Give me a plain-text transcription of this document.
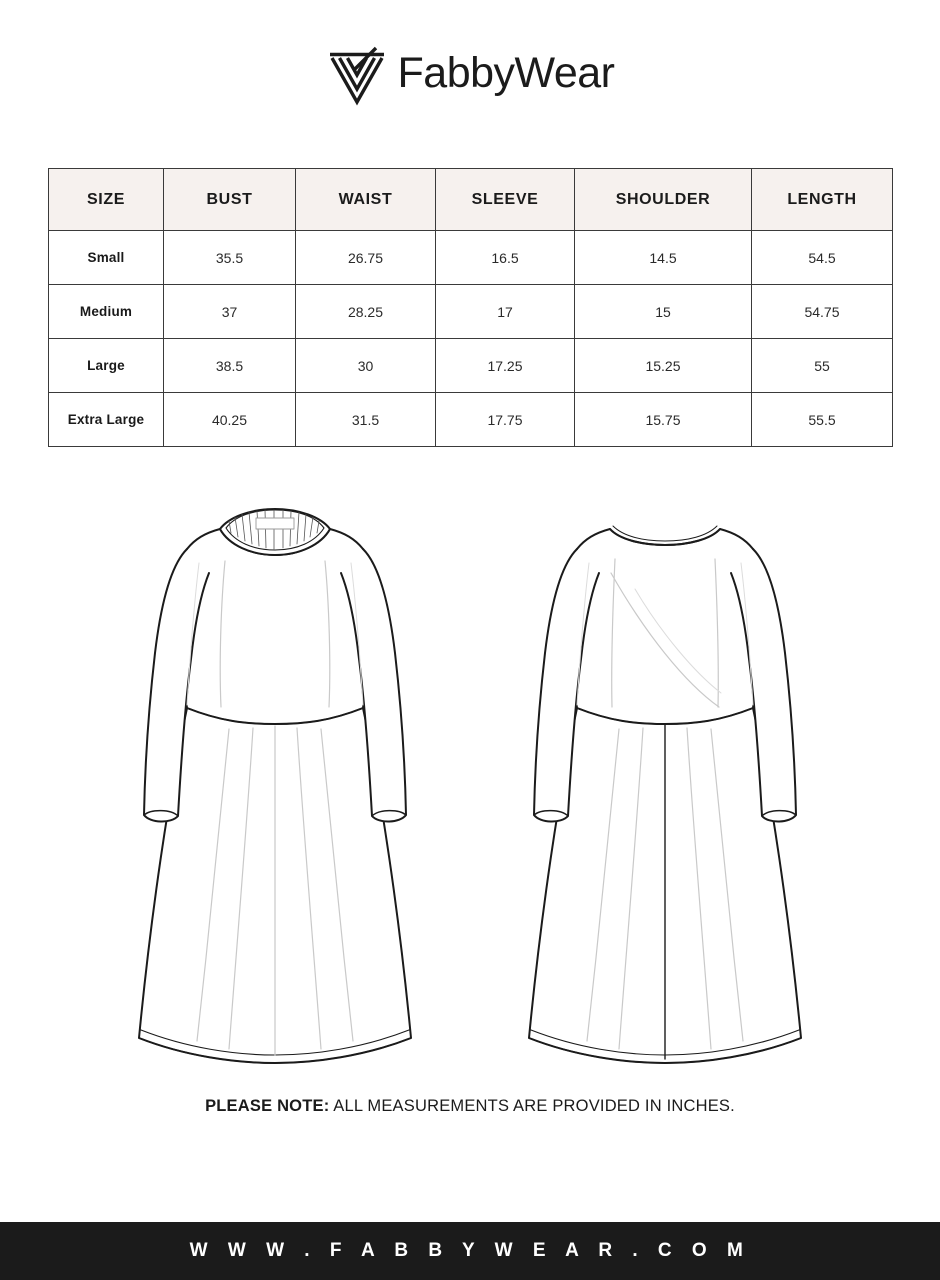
FabbyWear
SIZE	BUST	WAIST	SLEEVE	SHOULDER	LENGTH
Small	35.5	26.75	16.5	14.5	54.5
Medium	37	28.25	17	15	54.75
Large	38.5	30	17.25	15.25	55
Extra Large	40.25	31.5	17.75	15.75	55.5
PLEASE NOTE: ALL MEASUREMENTS ARE PROVIDED IN INCHES.
W W W . F A B B Y W E A R . C O M
